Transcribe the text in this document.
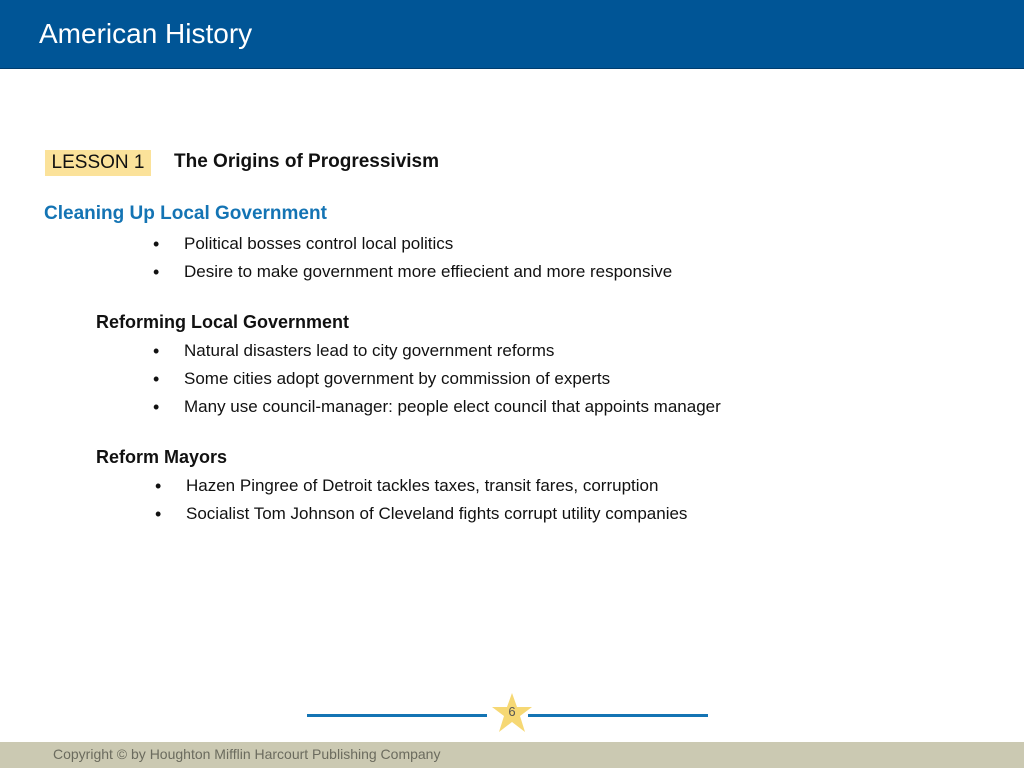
American History
LESSON 1	The Origins of Progressivism
Cleaning Up Local Government
• Political bosses control local politics
• Desire to make government more effiecient and more responsive
Reforming Local Government
• Natural disasters lead to city government reforms
• Some cities adopt government by commission of experts
• Many use council-manager: people elect council that appoints manager
Reform Mayors
• Hazen Pingree of Detroit tackles taxes, transit fares, corruption
• Socialist Tom Johnson of Cleveland fights corrupt utility companies
6
Copyright © by Houghton Mifflin Harcourt Publishing Company
